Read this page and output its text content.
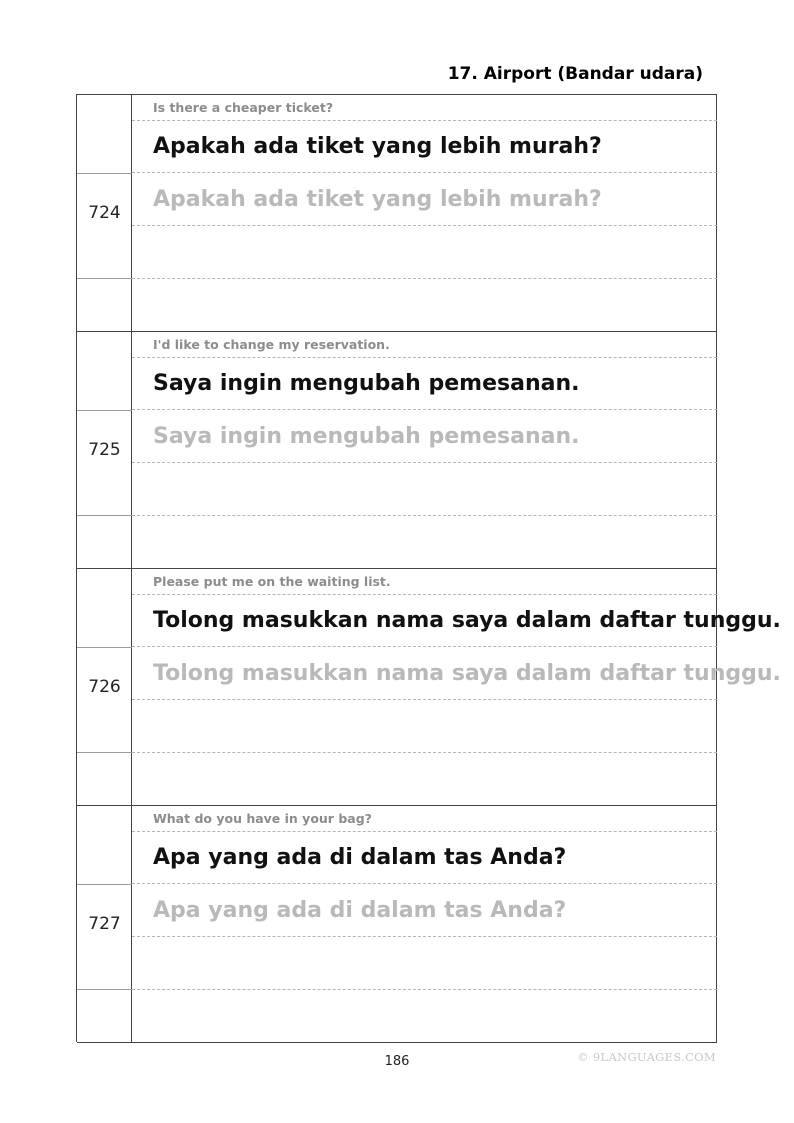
17. Airport (Bandar udara)
724
Is there a cheaper ticket?
Apakah ada tiket yang lebih murah?
Apakah ada tiket yang lebih murah?
725
I'd like to change my reservation.
Saya ingin mengubah pemesanan.
Saya ingin mengubah pemesanan.
726
Please put me on the waiting list.
Tolong masukkan nama saya dalam daftar tunggu.
Tolong masukkan nama saya dalam daftar tunggu.
727
What do you have in your bag?
Apa yang ada di dalam tas Anda?
Apa yang ada di dalam tas Anda?
186	© 9LANGUAGES.COM
